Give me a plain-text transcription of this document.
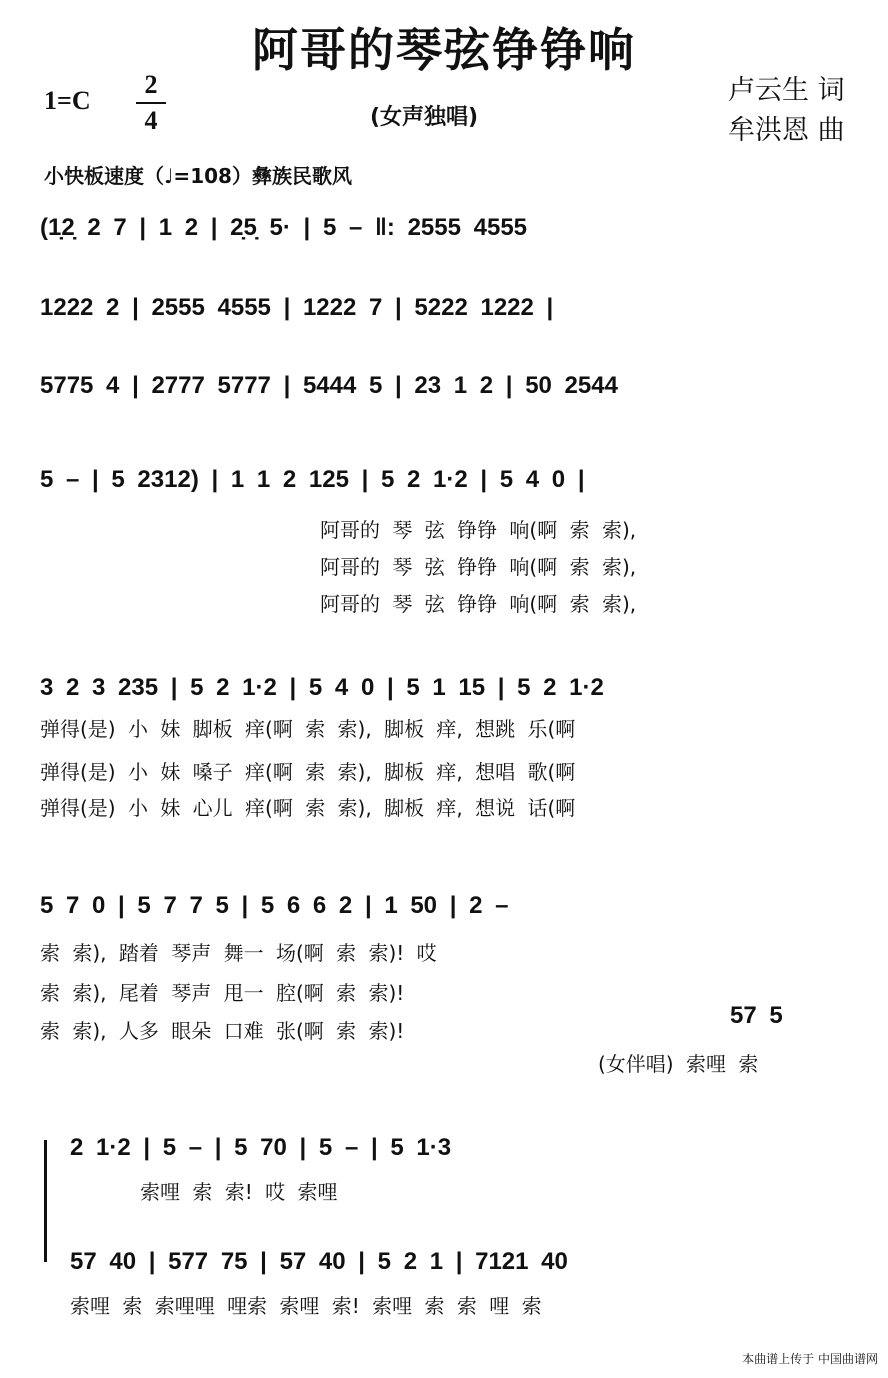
阿哥的琴弦铮铮响
1=C
2
4	(女声独唱)
卢云生 词
牟洪恩 曲
小快板速度（♩=108）彝族民歌风
(1̣2̣ 2 7 | 1 2 | 2̣5̣ 5· | 5 – ‖: 2555 4555
1222 2 | 2555 4555 | 1222 7 | 5222 1222 |
5775 4 | 2777 5777 | 5444 5 | 23 1 2 | 50 2544
5 – | 5 2312) | 1 1 2 125 | 5 2 1·2 | 5 4 0 |
阿哥的 琴 弦 铮铮 响(啊 索 索),
阿哥的 琴 弦 铮铮 响(啊 索 索),
阿哥的 琴 弦 铮铮 响(啊 索 索),
3 2 3 235 | 5 2 1·2 | 5 4 0 | 5 1 15 | 5 2 1·2
弹得(是) 小 妹 脚板 痒(啊 索 索), 脚板 痒, 想跳 乐(啊
弹得(是) 小 妹 嗓子 痒(啊 索 索), 脚板 痒, 想唱 歌(啊
弹得(是) 小 妹 心儿 痒(啊 索 索), 脚板 痒, 想说 话(啊
5 7 0 | 5 7 7 5 | 5 6 6 2 | 1 50 | 2 –
索 索), 踏着 琴声 舞一 场(啊 索 索)! 哎
索 索), 尾着 琴声 甩一 腔(啊 索 索)!
索 索), 人多 眼朵 口难 张(啊 索 索)!
57 5
(女伴唱) 索哩 索
2 1·2 | 5 – | 5 70 | 5 – | 5 1·3
索哩 索 索! 哎 索哩
57 40 | 577 75 | 57 40 | 5 2 1 | 7121 40
索哩 索 索哩哩 哩索 索哩 索! 索哩 索 索 哩 索
本曲谱上传于 中国曲谱网
